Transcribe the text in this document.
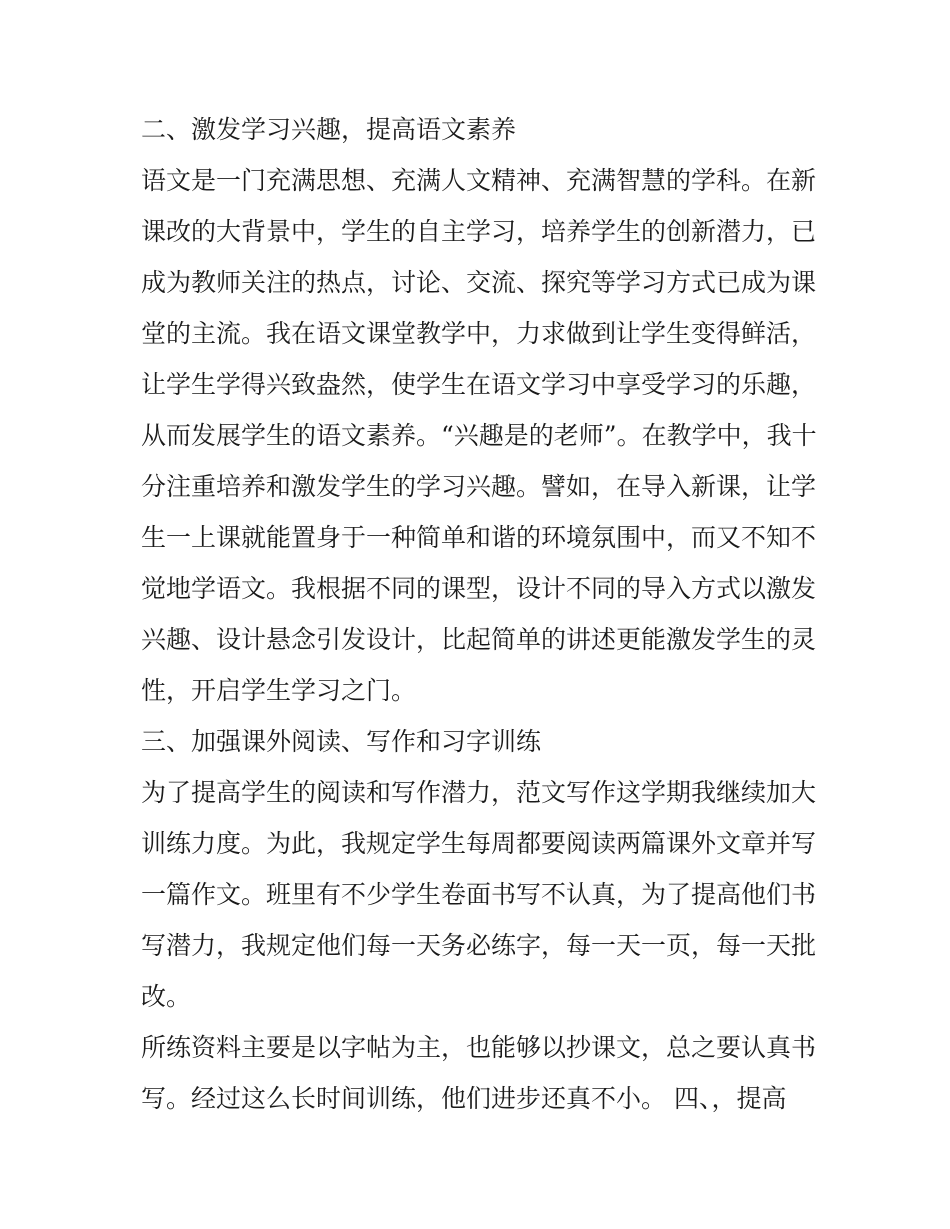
二、激发学习兴趣，提高语文素养
语文是一门充满思想、充满人文精神、充满智慧的学科。在新
课改的大背景中，学生的自主学习，培养学生的创新潜力，已
成为教师关注的热点，讨论、交流、探究等学习方式已成为课
堂的主流。我在语文课堂教学中，力求做到让学生变得鲜活，
让学生学得兴致盎然，使学生在语文学习中享受学习的乐趣，
从而发展学生的语文素养。“兴趣是的老师”。在教学中，我十
分注重培养和激发学生的学习兴趣。譬如，在导入新课，让学
生一上课就能置身于一种简单和谐的环境氛围中，而又不知不
觉地学语文。我根据不同的课型，设计不同的导入方式以激发
兴趣、设计悬念引发设计，比起简单的讲述更能激发学生的灵
性，开启学生学习之门。
三、加强课外阅读、写作和习字训练
为了提高学生的阅读和写作潜力，范文写作这学期我继续加大
训练力度。为此，我规定学生每周都要阅读两篇课外文章并写
一篇作文。班里有不少学生卷面书写不认真，为了提高他们书
写潜力，我规定他们每一天务必练字，每一天一页，每一天批
改。
所练资料主要是以字帖为主，也能够以抄课文，总之要认真书
写。经过这么长时间训练，他们进步还真不小。 四、，提高
